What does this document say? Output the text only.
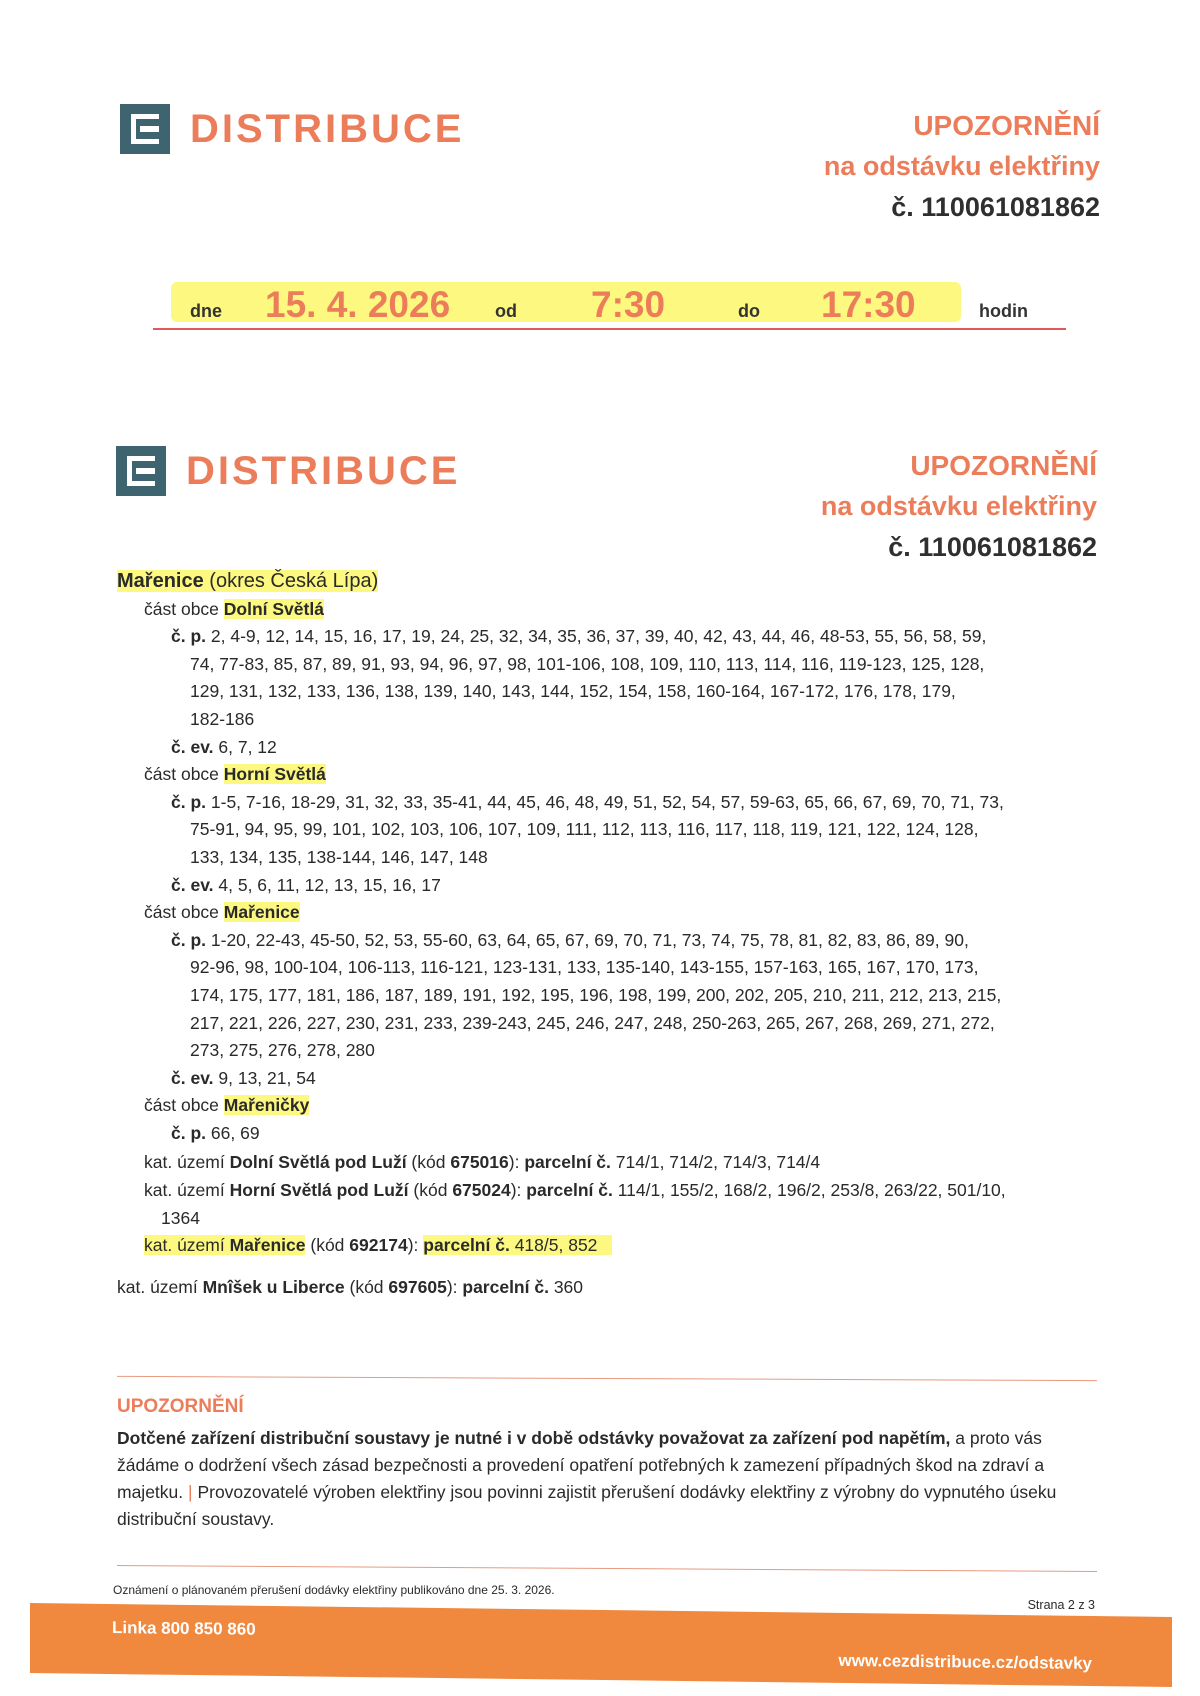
DISTRIBUCE	UPOZORNĚNÍ
na odstávku elektřiny
č. 110061081862
dne 15. 4. 2026 od 7:30	do 17:30	hodin
DISTRIBUCE	UPOZORNĚNÍ
na odstávku elektřiny
č. 110061081862
Mařenice (okres Česká Lípa)
část obce Dolní Světlá
č. p. 2, 4-9, 12, 14, 15, 16, 17, 19, 24, 25, 32, 34, 35, 36, 37, 39, 40, 42, 43, 44, 46, 48-53, 55, 56, 58, 59,
74, 77-83, 85, 87, 89, 91, 93, 94, 96, 97, 98, 101-106, 108, 109, 110, 113, 114, 116, 119-123, 125, 128,
129, 131, 132, 133, 136, 138, 139, 140, 143, 144, 152, 154, 158, 160-164, 167-172, 176, 178, 179,
182-186
č. ev. 6, 7, 12
část obce Horní Světlá
č. p. 1-5, 7-16, 18-29, 31, 32, 33, 35-41, 44, 45, 46, 48, 49, 51, 52, 54, 57, 59-63, 65, 66, 67, 69, 70, 71, 73,
75-91, 94, 95, 99, 101, 102, 103, 106, 107, 109, 111, 112, 113, 116, 117, 118, 119, 121, 122, 124, 128,
133, 134, 135, 138-144, 146, 147, 148
č. ev. 4, 5, 6, 11, 12, 13, 15, 16, 17
část obce Mařenice
č. p. 1-20, 22-43, 45-50, 52, 53, 55-60, 63, 64, 65, 67, 69, 70, 71, 73, 74, 75, 78, 81, 82, 83, 86, 89, 90,
92-96, 98, 100-104, 106-113, 116-121, 123-131, 133, 135-140, 143-155, 157-163, 165, 167, 170, 173,
174, 175, 177, 181, 186, 187, 189, 191, 192, 195, 196, 198, 199, 200, 202, 205, 210, 211, 212, 213, 215,
217, 221, 226, 227, 230, 231, 233, 239-243, 245, 246, 247, 248, 250-263, 265, 267, 268, 269, 271, 272,
273, 275, 276, 278, 280
č. ev. 9, 13, 21, 54
část obce Mařeničky
č. p. 66, 69
kat. území Dolní Světlá pod Luží (kód 675016): parcelní č. 714/1, 714/2, 714/3, 714/4
kat. území Horní Světlá pod Luží (kód 675024): parcelní č. 114/1, 155/2, 168/2, 196/2, 253/8, 263/22, 501/10,
1364
kat. území Mařenice (kód 692174): parcelní č. 418/5, 852
kat. území Mnîšek u Liberce (kód 697605): parcelní č. 360
UPOZORNĚNÍ
Dotčené zařízení distribuční soustavy je nutné i v době odstávky považovat za zařízení pod napětím, a proto vás žádáme o dodržení všech zásad bezpečnosti a provedení opatření potřebných k zamezení případných škod na zdraví a majetku. | Provozovatelé výroben elektřiny jsou povinni zajistit přerušení dodávky elektřiny z výrobny do vypnutého úseku distribuční soustavy.
Oznámení o plánovaném přerušení dodávky elektřiny publikováno dne 25. 3. 2026.
Strana 2 z 3
Linka 800 850 860
www.cezdistribuce.cz/odstavky
